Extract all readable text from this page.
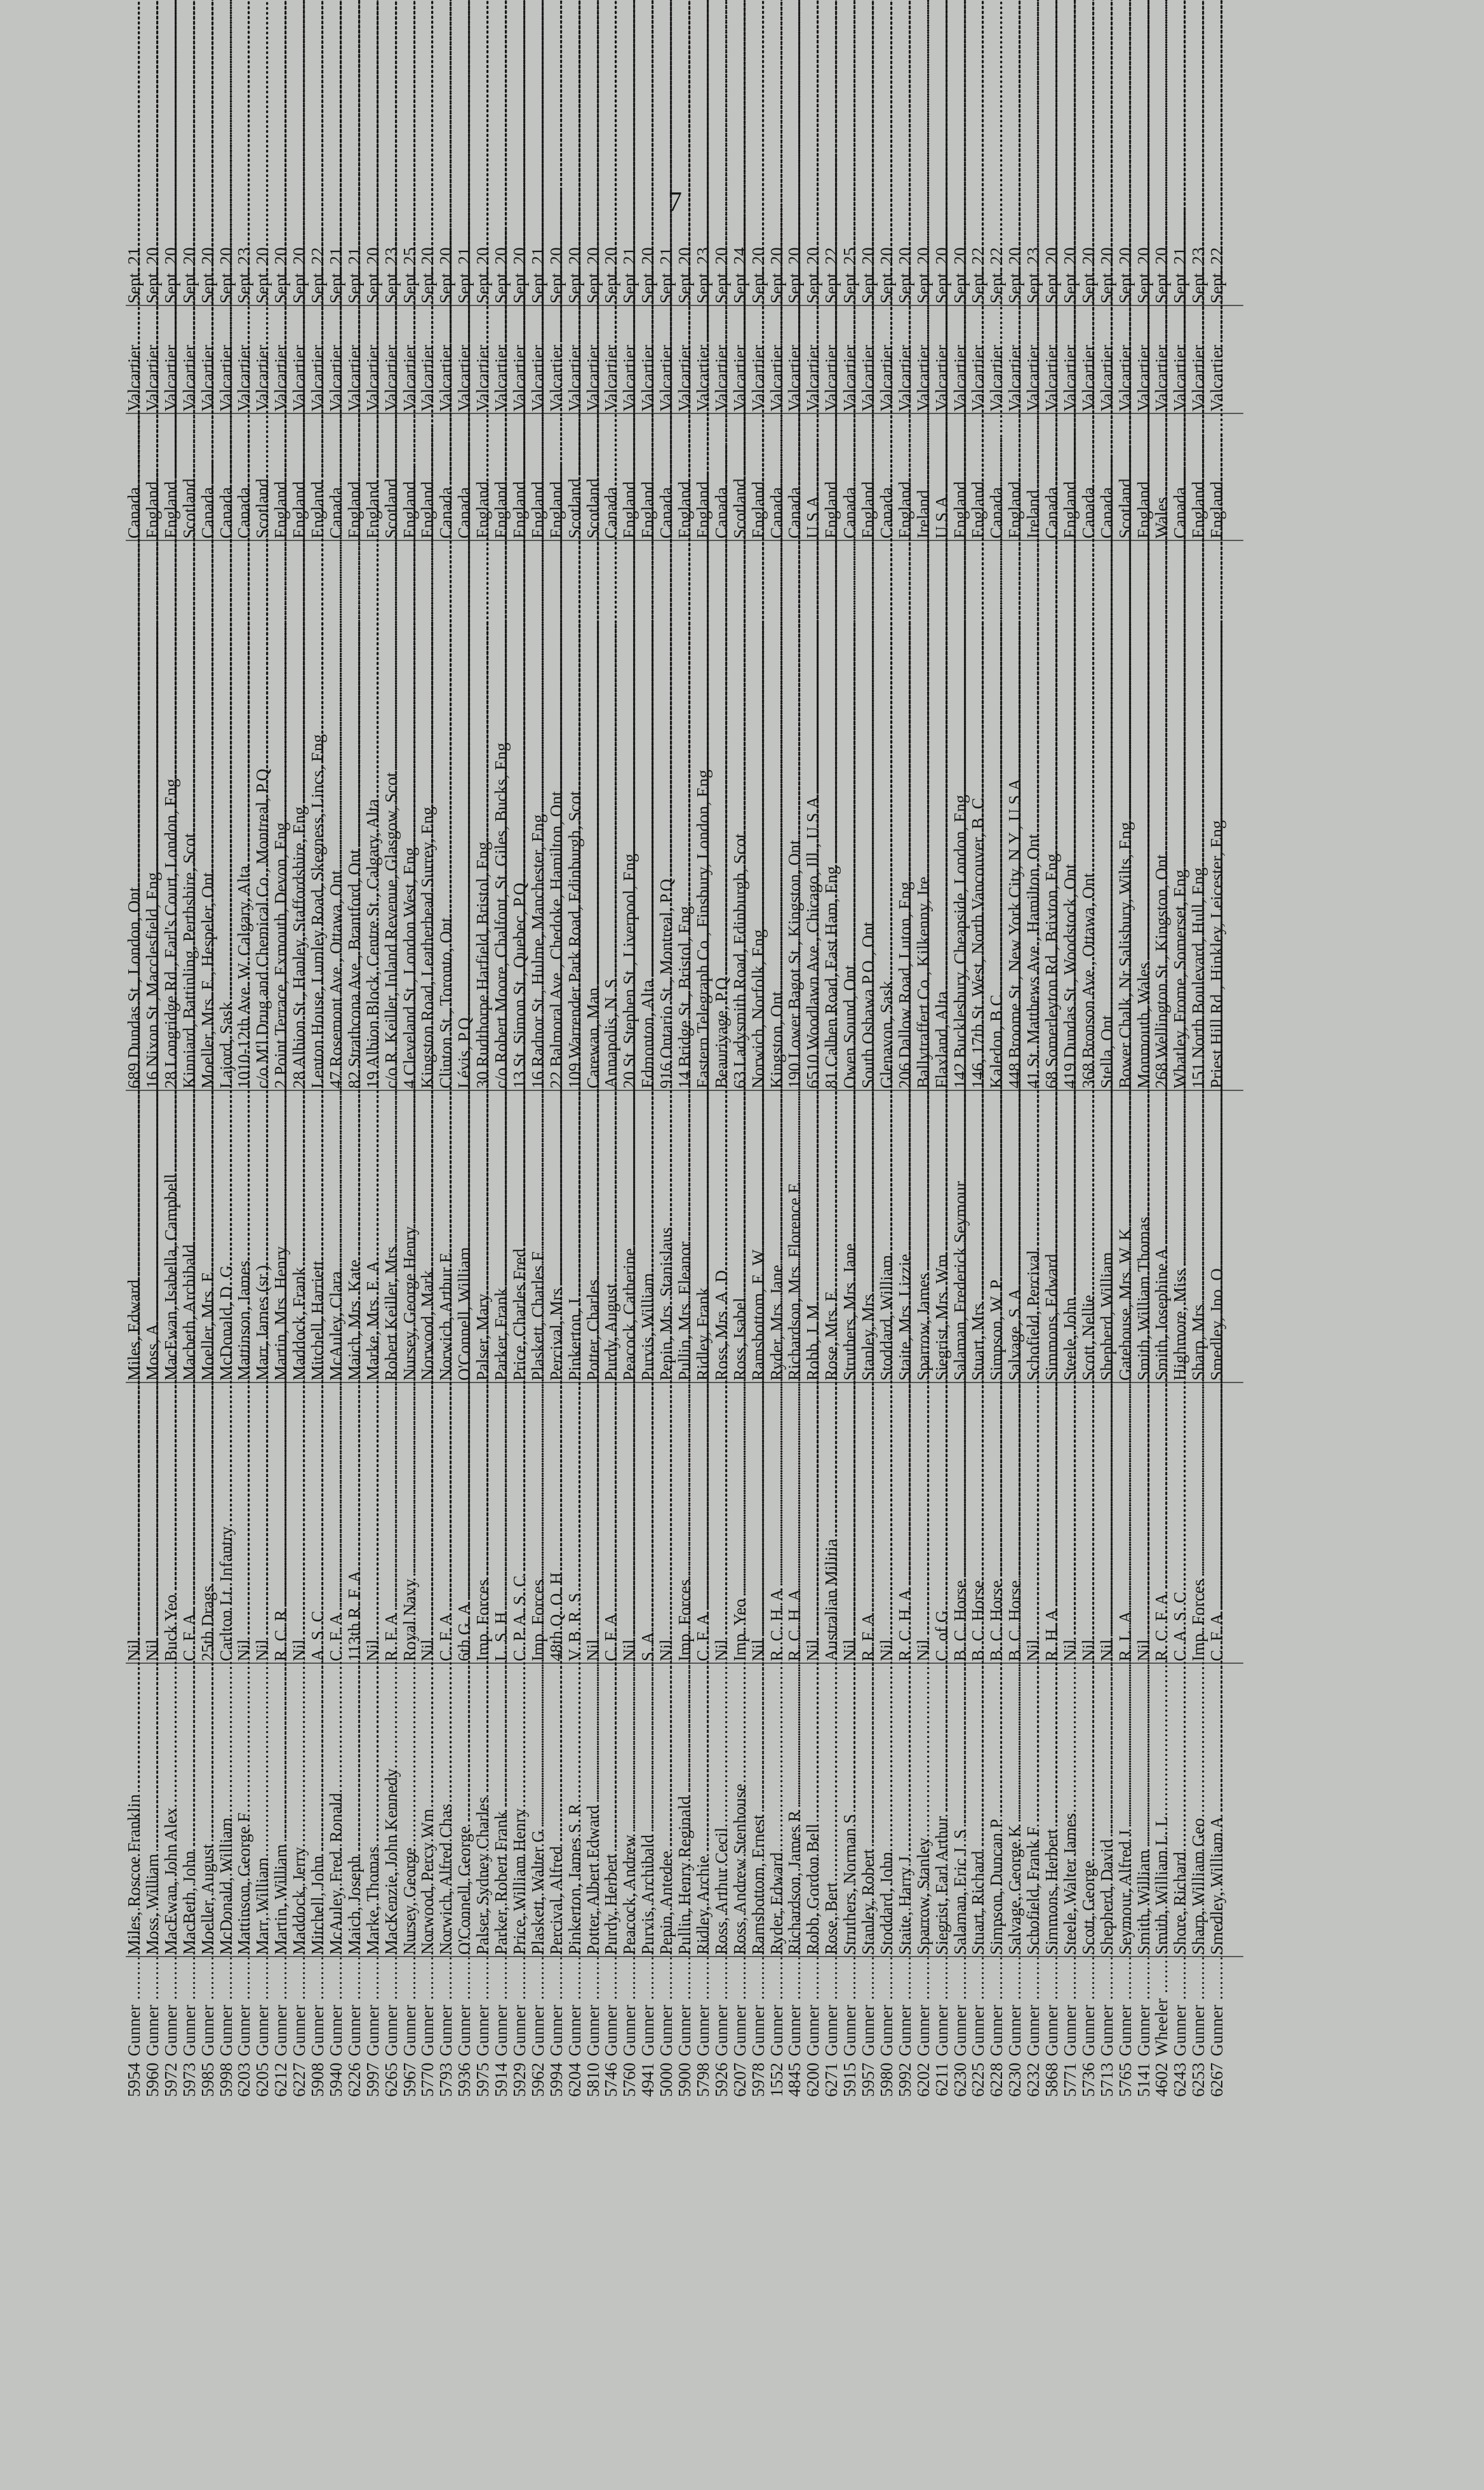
7
5954
Gunner .....
Miles, Roscoe Franklin .....
Nil .....
Miles, Edward .....
689 Dundas St., London, Ont .....
Canada .....
Valcartier .....
Sept. 21
5960
Gunner .....
Moss, William .....
Nil .....
Moss, A .....
16 Nixon St.,Macclesfield, Eng .....
England .....
Valcartier .....
Sept. 20
5972
Gunner .....
MacEwan, John Alex .....
Buck Yeo .....
MacEwan, Isabella, Campbell .....
28 Longridge Rd., Earl's Court, London, Eng .....
England .....
Valcartier .....
Sept. 20
5973
Gunner .....
MacBeth, John .....
C. F. A. .....
Macbeth, Archibald .....
Kinniard, Battinling, Perthshire, Scot .....
Scotland .....
Valcartier .....
Sept. 20
5985
Gunner .....
Moeller, August .....
25th Drags .....
Moeller, Mrs. E .....
Moeller, Mrs. E., Hespeler, Ont .....
Canada .....
Valcartier .....
Sept. 20
5998
Gunner .....
McDonald, William .....
Carlton Lt. Infantry .....
McDonald, D. G .....
Lajord, Sask .....
Canada .....
Valcartier .....
Sept. 20
6203
Gunner .....
Mattinson, George F .....
Nil .....
Mattinson, James .....
1010-12th Ave. W. Calgary, Alta .....
Canada .....
Valcartier .....
Sept. 23
6205
Gunner .....
Marr, William .....
Nil .....
Marr, James (sr.) .....
c/o M'l Drug and Chemical Co., Montreal, P.Q .....
Scotland .....
Valcartier .....
Sept. 20
6212
Gunner .....
Martin, William .....
R. C. R .....
Martin, Mrs. Henry .....
2 Point Terrace, Exmouth, Devon, Eng .....
England .....
Valcartier .....
Sept. 20
6227
Gunner .....
Maddock, Jerry .....
Nil .....
Maddock, Frank .....
28 Albion St., Hanley, Staffordshire, Eng .....
England .....
Valcartier .....
Sept. 20
5908
Gunner .....
Mitchell, John .....
A. S. C .....
Mitchell, Harriett .....
Lenton House, Lumley Road, Skegness, Lincs, Eng .....
England .....
Valcartier .....
Sept. 22
5940
Gunner .....
McAuley, Fred. Ronald .....
C. F. A .....
McAuley, Clara .....
47 Rosemont Ave., Ottawa, Ont .....
Canada .....
Valcartier .....
Sept. 21
6226
Gunner .....
Maich, Joseph .....
113th R. F. A .....
Maich, Mrs. Kate .....
82 Strathcona Ave., Brantford, Ont .....
England .....
Valcartier .....
Sept. 21
5997
Gunner .....
Marke, Thomas .....
Nil .....
Marke, Mrs. E. A .....
19 Albion Block, Centre St., Calgary, Alta .....
England .....
Valcartier .....
Sept. 20
6265
Gunner .....
MacKenzie, John Kennedy .....
R. F. A .....
Robert Keiller, Mrs .....
c/o R. Keiller, Inland Revenue, Glasgow, Scot .....
Scotland .....
Valcartier .....
Sept. 23
5967
Gunner .....
Nursey, George .....
Royal Navy .....
Nursey, George Henry .....
4 Cleveland St., London West, Eng .....
England .....
Valcartier .....
Sept. 25
5770
Gunner .....
Norwood, Percy Wm .....
Nil .....
Norwood, Mark .....
Kingston Road, Leatherhead Surrey, Eng .....
England .....
Valcartier .....
Sept. 20
5793
Gunner .....
Norwich, Alfred Chas .....
C. F. A .....
Norwich, Arthur E .....
Clinton St., Toronto, Ont .....
Canada .....
Valcartier .....
Sept. 20
5936
Gunner .....
O'Connell, George .....
6th G. A .....
O'Connell, William .....
Lévis, P.Q .....
Canada .....
Valcartier .....
Sept. 21
5975
Gunner .....
Palser, Sydney Charles .....
Imp. Forces .....
Palser, Mary .....
30 Rudthorpe Harfield, Bristol, Eng .....
England .....
Valcartier .....
Sept. 20
5914
Gunner .....
Parker, Robert Frank .....
L. S. H .....
Parker, Frank .....
c/o Robert Moore, Chalfont, St. Giles, Bucks, Eng .....
England .....
Valcartier .....
Sept. 20
5929
Gunner .....
Price, William Henry .....
C. P. A. S. C .....
Price, Charles Fred .....
13 St. Simon St., Quebec, P.Q .....
England .....
Valcartier .....
Sept. 20
5962
Gunner .....
Plaskett, Walter G .....
Imp. Forces .....
Plaskett, Charles F .....
16 Radnor St., Hulme, Manchester, Eng .....
England .....
Valcartier .....
Sept. 21
5994
Gunner .....
Percival, Alfred .....
48th Q. O. H .....
Percival, Mrs .....
22 Balmoral Ave., Chedoke, Hamilton, Ont .....
England .....
Valcartier .....
Sept. 20
6204
Gunner .....
Pinkerton, James S. R .....
V. B. R. S .....
Pinkerton, J .....
109 Warrender Park Road, Edinburgh, Scot .....
Scotland .....
Valcartier .....
Sept. 20
5810
Gunner .....
Potter, Albert Edward .....
Nil .....
Potter, Charles .....
Carewan, Man .....
Scotland .....
Valcartier .....
Sept. 20
5746
Gunner .....
Purdy, Herbert .....
C. F. A .....
Purdy, August .....
Annapolis, N. S .....
Canada .....
Valcartier .....
Sept. 20
5760
Gunner .....
Peacock, Andrew .....
Nil .....
Peacock, Catherine .....
20 St. Stephen St., Liverpool, Eng .....
England .....
Valcartier .....
Sept. 21
4941
Gunner .....
Purvis, Archibald .....
S. A .....
Purvis, William .....
Edmonton, Alta .....
England .....
Valcartier .....
Sept. 20
5000
Gunner .....
Pepin, Antedee .....
Nil .....
Pepin, Mrs. Stanislaus .....
916 Ontario St., Montreal, P.Q .....
Canada .....
Valcartier .....
Sept. 21
5900
Gunner .....
Pullin, Henry Reginald .....
Imp. Forces .....
Pullin, Mrs. Eleanor .....
14 Bridge St., Bristol, Eng .....
England .....
Valcartier .....
Sept. 20
5798
Gunner .....
Ridley, Archie .....
C. F. A .....
Ridley, Frank .....
Eastern Telegraph Co., Finsbury, London, Eng .....
England .....
Valcartier .....
Sept. 23
5926
Gunner .....
Ross, Arthur Cecil .....
Nil .....
Ross, Mrs. A. D .....
Beauriyage, P.Q .....
Canada .....
Valcartier .....
Sept. 20
6207
Gunner .....
Ross, Andrew Stenhouse .....
Imp. Yeo .....
Ross, Isabel .....
63 Ladysmith Road, Edinburgh, Scot .....
Scotland .....
Valcartier .....
Sept. 24
5978
Gunner .....
Ramsbottom, Ernest .....
Nil .....
Ramsbottom, E. W .....
Norwich, Norfolk, Eng .....
England .....
Valcartier .....
Sept. 20
1552
Gunner .....
Ryder, Edward .....
R. C. H. A .....
Ryder, Mrs. Jane .....
Kingston, Ont .....
Canada .....
Valcartier .....
Sept. 20
4845
Gunner .....
Richardson, James R .....
R. C. H. A .....
Richardson, Mrs. Florence E .....
190 Lower Bagot St., Kingston, Ont .....
Canada .....
Valcartier .....
Sept. 20
6200
Gunner .....
Robb, Gordon Bell .....
Nil .....
Robb, J. M .....
6510 Woodlawn Ave., Chicago, Ill., U.S.A .....
U.S.A .....
Valcartier .....
Sept. 20
6271
Gunner .....
Rose, Bert .....
Australian Militia .....
Rose, Mrs. E .....
81 Calhen Road, East Ham, Eng .....
England .....
Valcartier .....
Sept. 22
5915
Gunner .....
Struthers, Norman S .....
Nil .....
Struthers, Mrs. Jane .....
Owen Sound, Ont .....
Canada .....
Valcartier .....
Sept. 25
5957
Gunner .....
Stanley, Robert .....
R. F. A .....
Stanley, Mrs .....
South Oshawa P.O., Ont .....
England .....
Valcartier .....
Sept. 20
5980
Gunner .....
Stoddard, John .....
Nil .....
Stoddard, William .....
Glenavon, Sask .....
Canada .....
Valcartier .....
Sept. 20
5992
Gunner .....
Staite, Harry J .....
R. C. H. A .....
Staite, Mrs. Lizzie .....
206 Dallow Road, Luton, Eng .....
England .....
Valcartier .....
Sept. 20
6202
Gunner .....
Sparrow, Stanley .....
Nil .....
Sparrow, James .....
Ballytraffert Co., Kilkenny, Ire .....
Ireland .....
Valcartier .....
Sept. 20
6211
Gunner .....
Siegrist, Earl Arthur .....
C. of G .....
Siegrist, Mrs. Wm .....
Flaxland, Alta .....
U.S.A .....
Valcartier .....
Sept. 20
6230
Gunner .....
Salaman, Eric J. S .....
B. C. Horse .....
Salaman, Frederick Seymour .....
142 Bucklesbury, Cheapside, London, Eng .....
England .....
Valcartier .....
Sept. 20
6225
Gunner .....
Stuart, Richard .....
B. C. Horse .....
Stuart, Mrs .....
146, 17th St. West, North Vancouver, B. C .....
England .....
Valcartier .....
Sept. 22
6228
Gunner .....
Simpson, Duncan P .....
B. C. Horse .....
Simpson, W. P .....
Kaledon, B.C .....
Canada .....
Valcartier .....
Sept. 22
6230
Gunner .....
Salvage, George K .....
B. C. Horse .....
Salvage, S. A .....
448 Broome St., New York City, N.Y., U.S.A .....
England .....
Valcartier .....
Sept. 20
6232
Gunner .....
Schofield, Frank F .....
Nil .....
Schofield, Percival .....
41 St. Matthews Ave., Hamilton, Ont .....
Ireland .....
Valcartier .....
Sept. 23
5868
Gunner .....
Simmons, Herbert .....
R. H. A .....
Simmons, Edward .....
68 Somerleyton Rd., Brixton, Eng .....
Canada .....
Valcartier .....
Sept. 20
5771
Gunner .....
Steele, Walter James .....
Nil .....
Steele, John .....
419 Dundas St., Woodstock, Ont .....
England .....
Valcartier .....
Sept. 20
5736
Gunner .....
Scott, George .....
Nil .....
Scott, Nellie .....
368 Bronson Ave., Ottawa, Ont .....
Canada .....
Valcartier .....
Sept. 20
5713
Gunner .....
Shepherd, David .....
Nil .....
Shepherd, William .....
Stella, Ont .....
Canada .....
Valcartier .....
Sept. 20
5765
Gunner .....
Seymour, Alfred J .....
R. L. A .....
Gatehouse, Mrs. W. K .....
Bower Chalk, Nr Salisbury, Wilts, Eng .....
Scotland .....
Valcartier .....
Sept. 20
5141
Gunner .....
Smith, William .....
Nil .....
Smith, William Thomas .....
Monmouth, Wales .....
England .....
Valcartier .....
Sept. 20
4602
Wheeler .....
Smith, William L. L .....
R. C. F. A .....
Smith, Josephine A .....
268 Wellington St., Kingston, Ont .....
Wales .....
Valcartier .....
Sept. 20
6243
Gunner .....
Shore, Richard .....
C. A. S. C .....
Highmore, Miss .....
Whatley, Frome, Somerset, Eng .....
Canada .....
Valcartier .....
Sept. 21
6253
Gunner .....
Sharp, William Geo .....
Imp. Forces .....
Sharp, Mrs .....
151 North Boulevard, Hull, Eng .....
England .....
Valcartier .....
Sept. 23
6267
Gunner .....
Smedley, William A .....
C. F. A .....
Smedley, Jno. O .....
Priest Hill Rd., Hinkley, Leicester, Eng .....
England .....
Valcartier .....
Sept. 22
